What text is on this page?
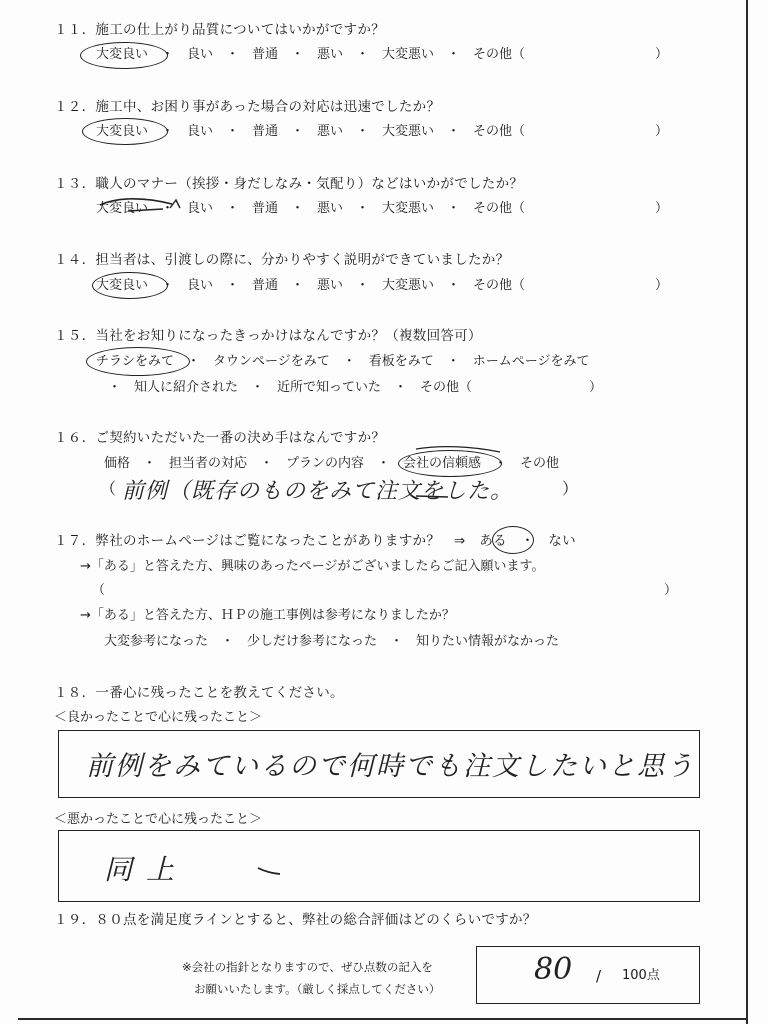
１１．施工の仕上がり品質についてはいかがですか？
大変良い　・　良い　・　普通　・　悪い　・　大変悪い　・　その他（　　　　　　　　　　）
１２．施工中、お困り事があった場合の対応は迅速でしたか？
大変良い　・　良い　・　普通　・　悪い　・　大変悪い　・　その他（　　　　　　　　　　）
１３．職人のマナー（挨拶・身だしなみ・気配り）などはいかがでしたか？
大変良い　・　良い　・　普通　・　悪い　・　大変悪い　・　その他（　　　　　　　　　　）
１４．担当者は、引渡しの際に、分かりやすく説明ができていましたか？
大変良い　・　良い　・　普通　・　悪い　・　大変悪い　・　その他（　　　　　　　　　　）
１５．当社をお知りになったきっかけはなんですか？（複数回答可）
チラシをみて　・　タウンページをみて　・　看板をみて　・　ホームページをみて
・　知人に紹介された　・　近所で知っていた　・　その他（　　　　　　　　　）
１６．ご契約いただいた一番の決め手はなんですか？
価格　・　担当者の対応　・　プランの内容　・　会社の信頼感　・　その他
（ 前例（既存のものをみて注文をした。	）
１７．弊社のホームページはご覧になったことがありますか？　⇒　ある　・　ない
→「ある」と答えた方、興味のあったページがございましたらご記入願います。
（	）
→「ある」と答えた方、ＨＰの施工事例は参考になりましたか？
大変参考になった　・　少しだけ参考になった　・　知りたい情報がなかった
１８．一番心に残ったことを教えてください。
＜良かったことで心に残ったこと＞
前例をみているので何時でも注文したいと思う
＜悪かったことで心に残ったこと＞
同上
１９．８０点を満足度ラインとすると、弊社の総合評価はどのくらいですか？
※会社の指針となりますので、ぜひ点数の記入を
お願いいたします。（厳しく採点してください）
80 / 100点
